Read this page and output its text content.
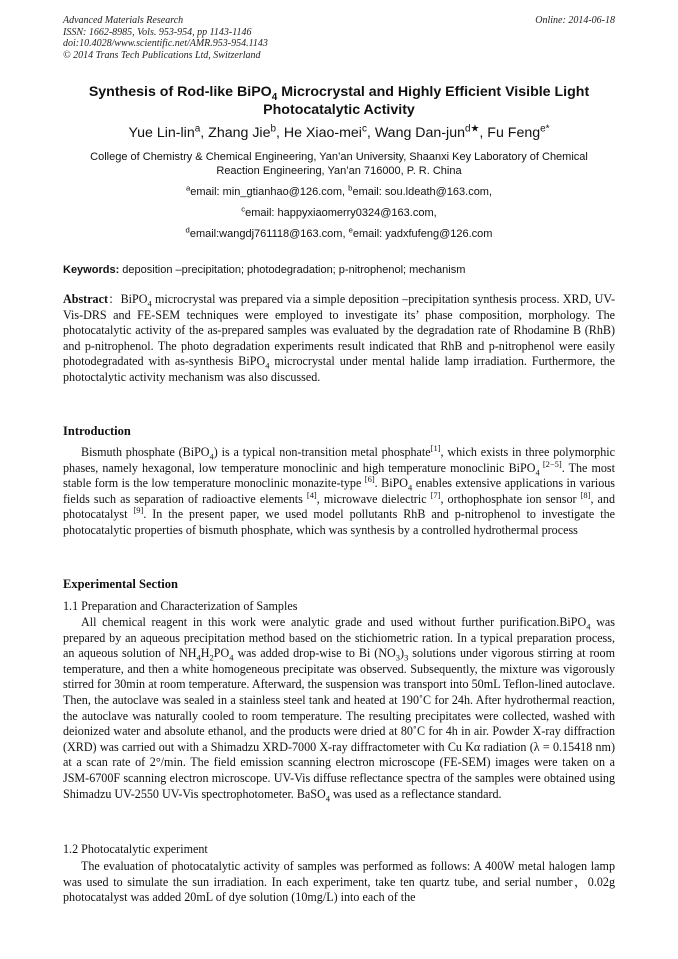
Advanced Materials Research
ISSN: 1662-8985, Vols. 953-954, pp 1143-1146
doi:10.4028/www.scientific.net/AMR.953-954.1143
© 2014 Trans Tech Publications Ltd, Switzerland
Online: 2014-06-18
Synthesis of Rod-like BiPO$_4$ Microcrystal and Highly Efficient Visible Light Photocatalytic Activity
Yue Lin-lin$^a$, Zhang Jie$^b$, He Xiao-mei$^c$, Wang Dan-jun$^{d★}$, Fu Feng$^{e*}$
College of Chemistry & Chemical Engineering, Yan’an University, Shaanxi Key Laboratory of Chemical Reaction Engineering, Yan’an 716000, P. R. China
$^a$email: min_gtianhao@126.com, $^b$email: sou.ldeath@163.com,
$^c$email: happyxiaomerry0324@163.com,
$^d$email:wangdj761118@163.com, $^e$email: yadxfufeng@126.com
Keywords: deposition –precipitation; photodegradation; p-nitrophenol; mechanism
Abstract：BiPO$_4$ microcrystal was prepared via a simple deposition –precipitation synthesis process. XRD, UV-Vis-DRS and FE-SEM techniques were employed to investigate its’ phase composition, morphology. The photocatalytic activity of the as-prepared samples was evaluated by the degradation rate of Rhodamine B (RhB) and p-nitrophenol. The photo degradation experiments result indicated that RhB and p-nitrophenol were easily photodegradated with as-synthesis BiPO$_4$ microcrystal under mental halide lamp irradiation. Furthermore, the photoctalytic activity mechanism was also discussed.
Introduction
Bismuth phosphate (BiPO$_4$) is a typical non-transition metal phosphate[1], which exists in three polymorphic phases, namely hexagonal, low temperature monoclinic and high temperature monoclinic BiPO$_4$ [2−5]. The most stable form is the low temperature monoclinic monazite-type [6]. BiPO$_4$ enables extensive applications in various fields such as separation of radioactive elements [4], microwave dielectric [7], orthophosphate ion sensor [8], and photocatalyst [9]. In the present paper, we used model pollutants RhB and p-nitrophenol to investigate the photocatalytic properties of bismuth phosphate, which was synthesis by a controlled hydrothermal process
Experimental Section
1.1 Preparation and Characterization of Samples
All chemical reagent in this work were analytic grade and used without further purification.BiPO$_4$ was prepared by an aqueous precipitation method based on the stichiometric ration. In a typical preparation process, an aqueous solution of $NH_4H_2PO_4$ was added drop-wise to Bi $(NO_3)_3$ solutions under vigorous stirring at room temperature, and then a white homogeneous precipitate was observed. Subsequently, the mixture was vigorously stirred for 30min at room temperature. Afterward, the suspension was transport into 50mL Teflon-lined autoclave. Then, the autoclave was sealed in a stainless steel tank and heated at 190˚C for 24h. After hydrothermal reaction, the autoclave was naturally cooled to room temperature. The resulting precipitates were collected, washed with deionized water and absolute ethanol, and the products were dried at 80˚C for 4h in air. Powder X-ray diffraction (XRD) was carried out with a Shimadzu XRD-7000 X-ray diffractometer with Cu Kα radiation (λ = 0.15418 nm) at a scan rate of 2°/min. The field emission scanning electron microscope (FE-SEM) images were taken on a JSM-6700F scanning electron microscope. UV-Vis diffuse reflectance spectra of the samples were obtained using Shimadzu UV-2550 UV-Vis spectrophotometer. BaSO$_4$ was used as a reflectance standard.
1.2 Photocatalytic experiment
The evaluation of photocatalytic activity of samples was performed as follows: A 400W metal halogen lamp was used to simulate the sun irradiation. In each experiment, take ten quartz tube, and serial number，0.02g photocatalyst was added 20mL of dye solution (10mg/L) into each of the
